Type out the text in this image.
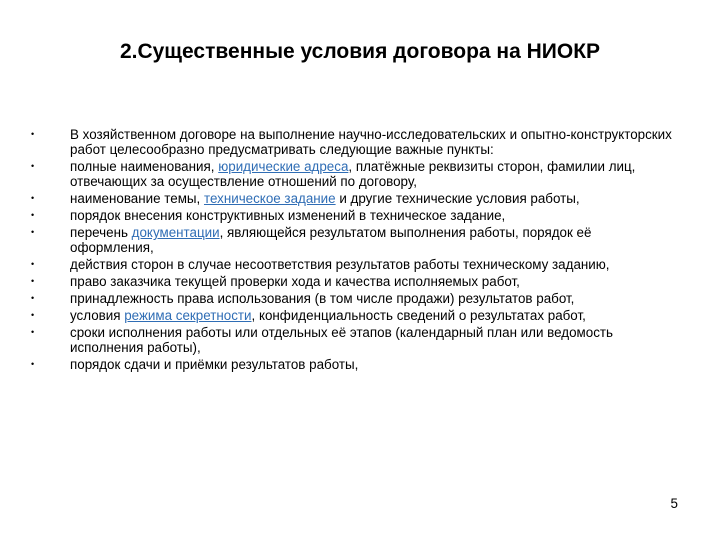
2.Существенные условия договора на НИОКР
•	В хозяйственном договоре на выполнение научно-исследовательских и опытно-конструкторских работ целесообразно предусматривать следующие важные пункты:
•	полные наименования, юридические адреса, платёжные реквизиты сторон, фамилии лиц, отвечающих за осуществление отношений по договору,
•	наименование темы, техническое задание и другие технические условия работы,
•	порядок внесения конструктивных изменений в техническое задание,
•	перечень документации, являющейся результатом выполнения работы, порядок её оформления,
•	действия сторон в случае несоответствия результатов работы техническому заданию,
•	право заказчика текущей проверки хода и качества исполняемых работ,
•	принадлежность права использования (в том числе продажи) результатов работ,
•	условия режима секретности, конфиденциальность сведений о результатах работ,
•	сроки исполнения работы или отдельных её этапов (календарный план или ведомость исполнения работы),
•	порядок сдачи и приёмки результатов работы,
5
